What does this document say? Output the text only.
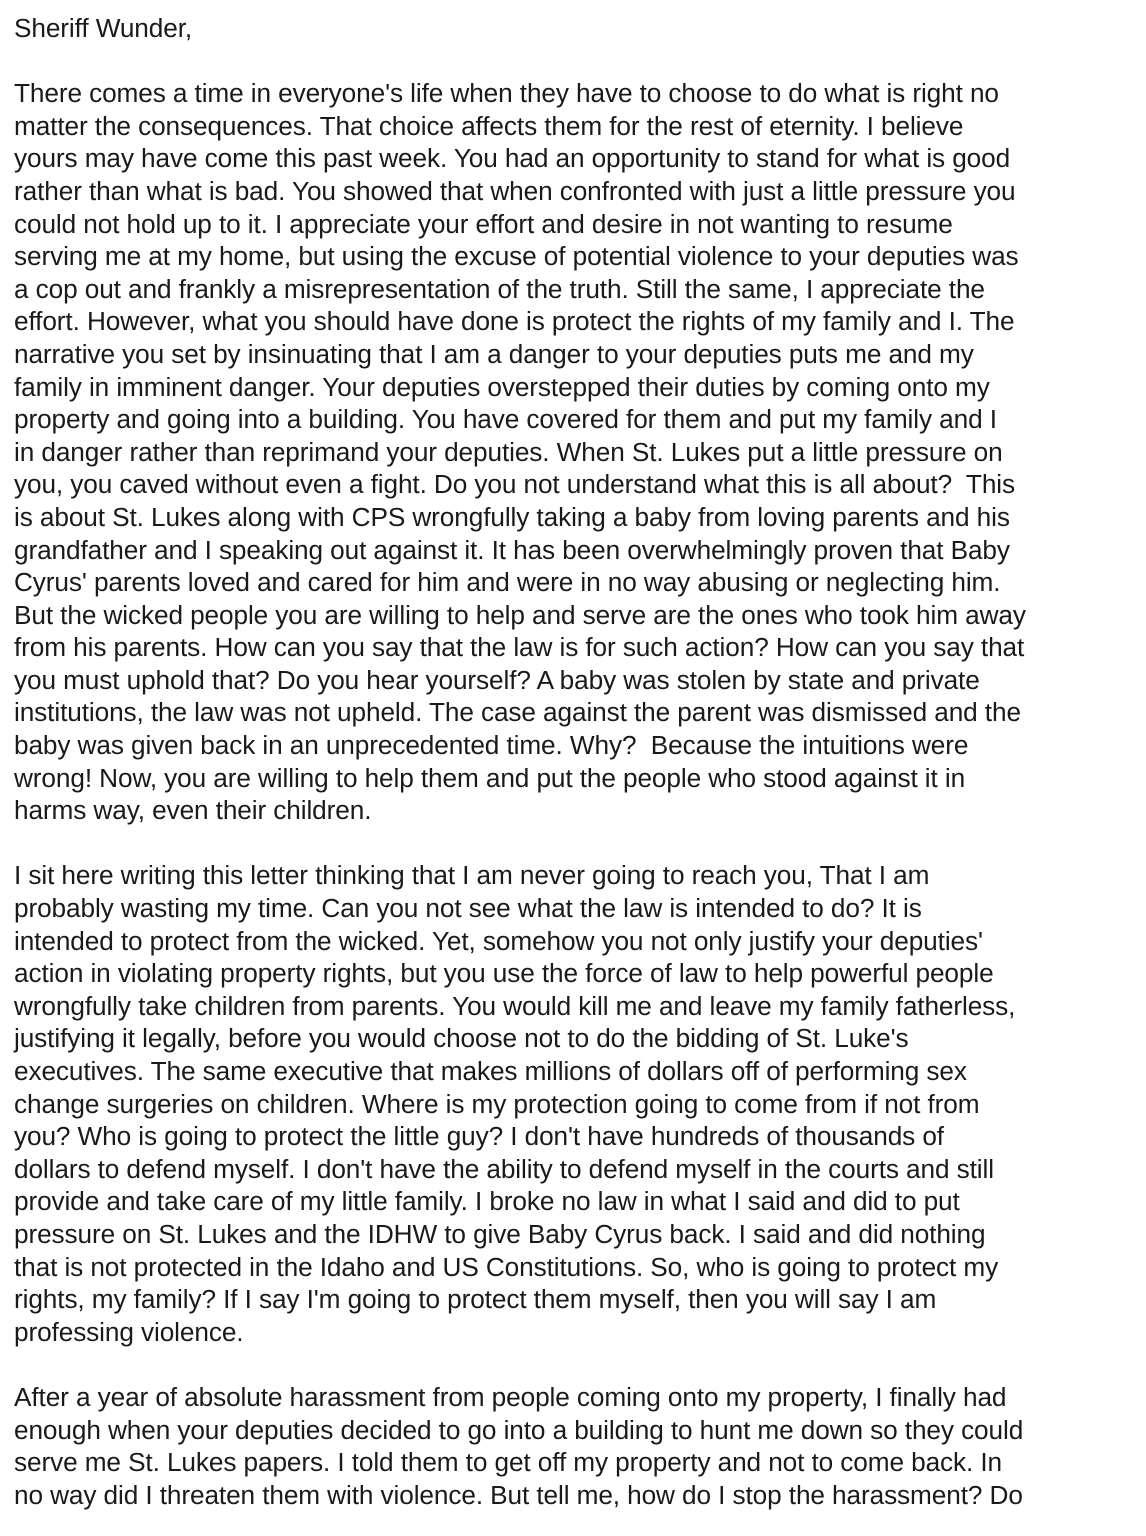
Sheriff Wunder,
There comes a time in everyone's life when they have to choose to do what is right no
matter the consequences. That choice affects them for the rest of eternity. I believe
yours may have come this past week. You had an opportunity to stand for what is good
rather than what is bad. You showed that when confronted with just a little pressure you
could not hold up to it. I appreciate your effort and desire in not wanting to resume
serving me at my home, but using the excuse of potential violence to your deputies was
a cop out and frankly a misrepresentation of the truth. Still the same, I appreciate the
effort. However, what you should have done is protect the rights of my family and I. The
narrative you set by insinuating that I am a danger to your deputies puts me and my
family in imminent danger. Your deputies overstepped their duties by coming onto my
property and going into a building. You have covered for them and put my family and I
in danger rather than reprimand your deputies. When St. Lukes put a little pressure on
you, you caved without even a fight. Do you not understand what this is all about?  This
is about St. Lukes along with CPS wrongfully taking a baby from loving parents and his
grandfather and I speaking out against it. It has been overwhelmingly proven that Baby
Cyrus' parents loved and cared for him and were in no way abusing or neglecting him.
But the wicked people you are willing to help and serve are the ones who took him away
from his parents. How can you say that the law is for such action? How can you say that
you must uphold that? Do you hear yourself? A baby was stolen by state and private
institutions, the law was not upheld. The case against the parent was dismissed and the
baby was given back in an unprecedented time. Why?  Because the intuitions were
wrong! Now, you are willing to help them and put the people who stood against it in
harms way, even their children.
I sit here writing this letter thinking that I am never going to reach you, That I am
probably wasting my time. Can you not see what the law is intended to do? It is
intended to protect from the wicked. Yet, somehow you not only justify your deputies'
action in violating property rights, but you use the force of law to help powerful people
wrongfully take children from parents. You would kill me and leave my family fatherless,
justifying it legally, before you would choose not to do the bidding of St. Luke's
executives. The same executive that makes millions of dollars off of performing sex
change surgeries on children. Where is my protection going to come from if not from
you? Who is going to protect the little guy? I don't have hundreds of thousands of
dollars to defend myself. I don't have the ability to defend myself in the courts and still
provide and take care of my little family. I broke no law in what I said and did to put
pressure on St. Lukes and the IDHW to give Baby Cyrus back. I said and did nothing
that is not protected in the Idaho and US Constitutions. So, who is going to protect my
rights, my family? If I say I'm going to protect them myself, then you will say I am
professing violence.
After a year of absolute harassment from people coming onto my property, I finally had
enough when your deputies decided to go into a building to hunt me down so they could
serve me St. Lukes papers. I told them to get off my property and not to come back. In
no way did I threaten them with violence. But tell me, how do I stop the harassment? Do
